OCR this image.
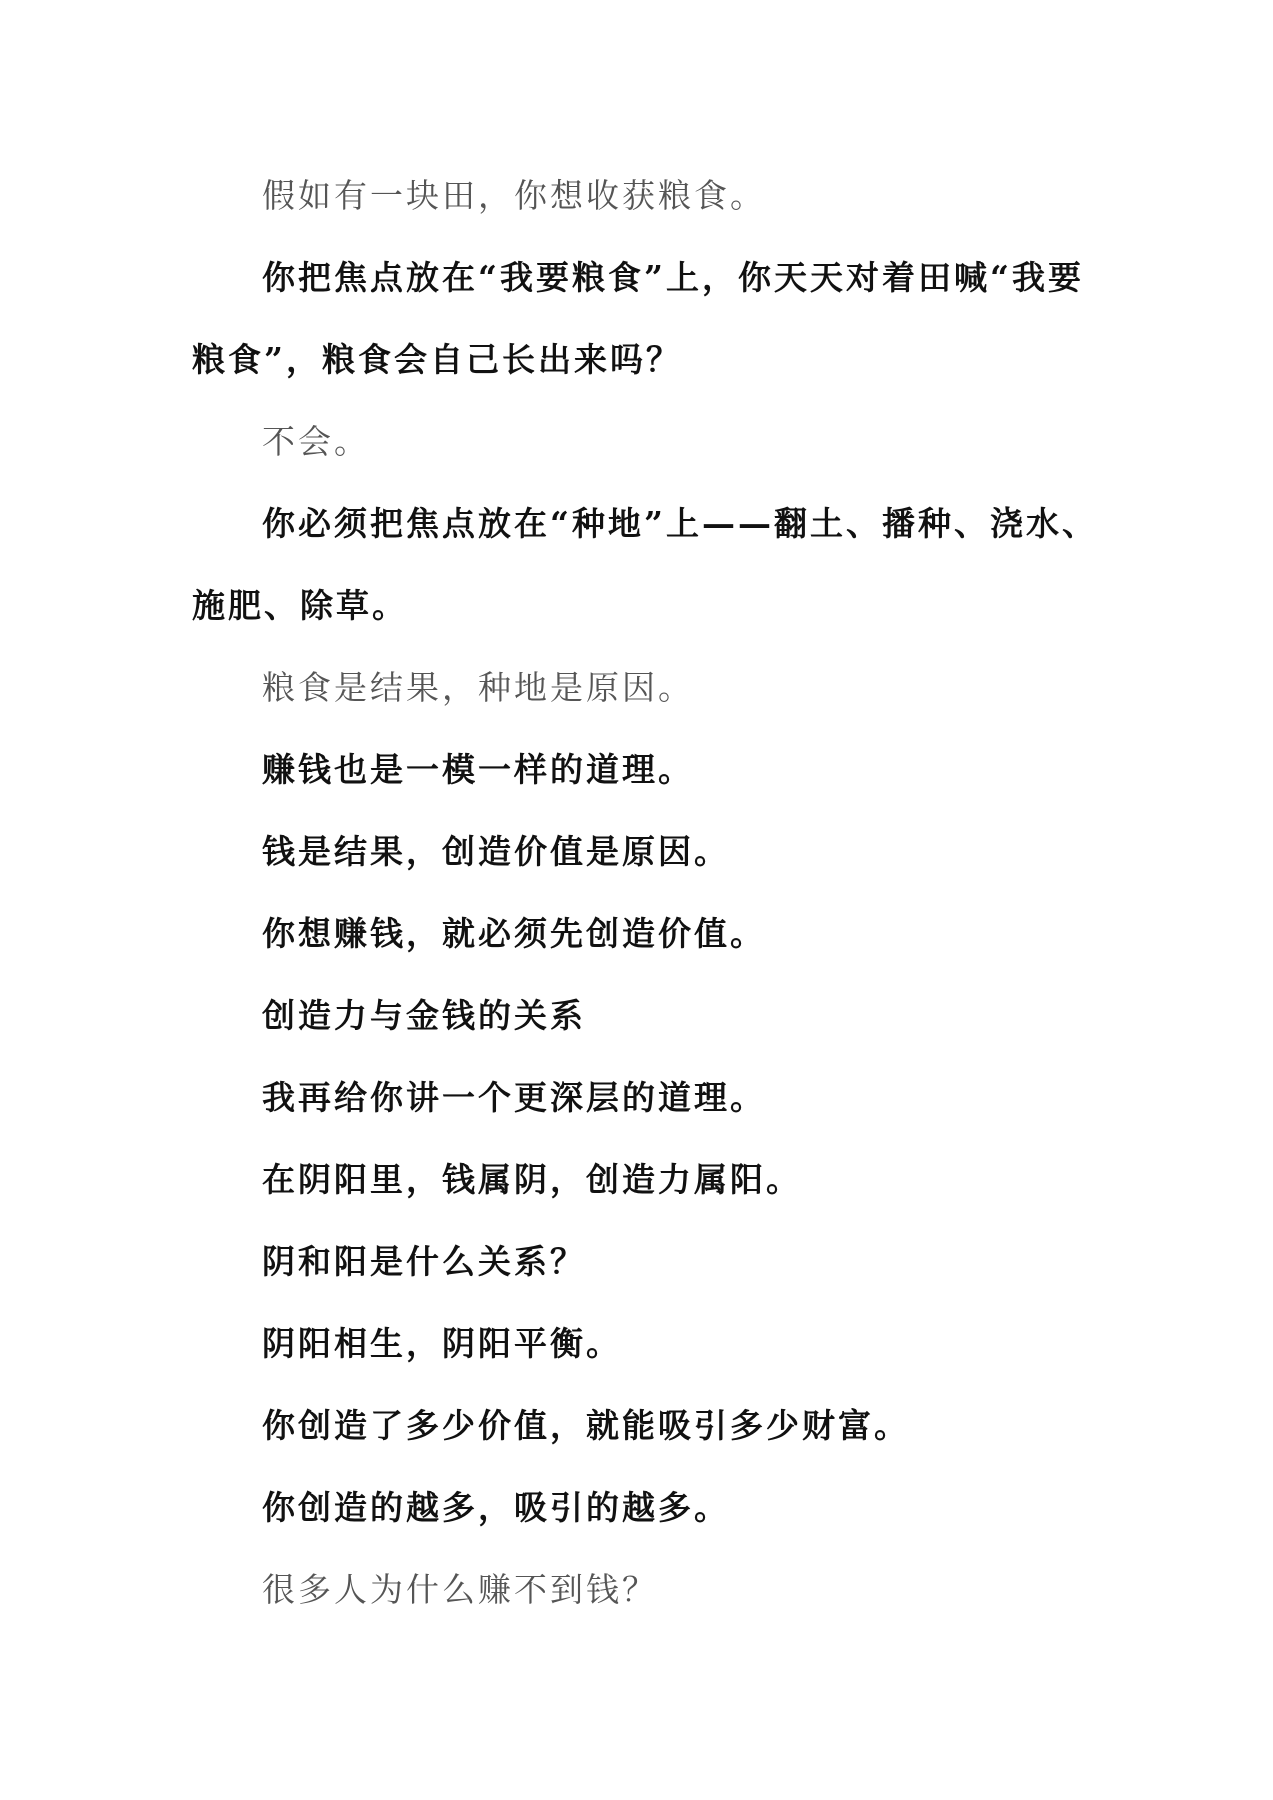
假如有一块田，你想收获粮食。

你把焦点放在“我要粮食”上，你天天对着田喊“我要

粮食”，粮食会自己长出来吗？

不会。

你必须把焦点放在“种地”上——翻土、播种、浇水、

施肥、除草。

粮食是结果，种地是原因。

赚钱也是一模一样的道理。

钱是结果，创造价值是原因。

你想赚钱，就必须先创造价值。

创造力与金钱的关系

我再给你讲一个更深层的道理。

在阴阳里，钱属阴，创造力属阳。

阴和阳是什么关系？

阴阳相生，阴阳平衡。

你创造了多少价值，就能吸引多少财富。

你创造的越多，吸引的越多。

很多人为什么赚不到钱？
